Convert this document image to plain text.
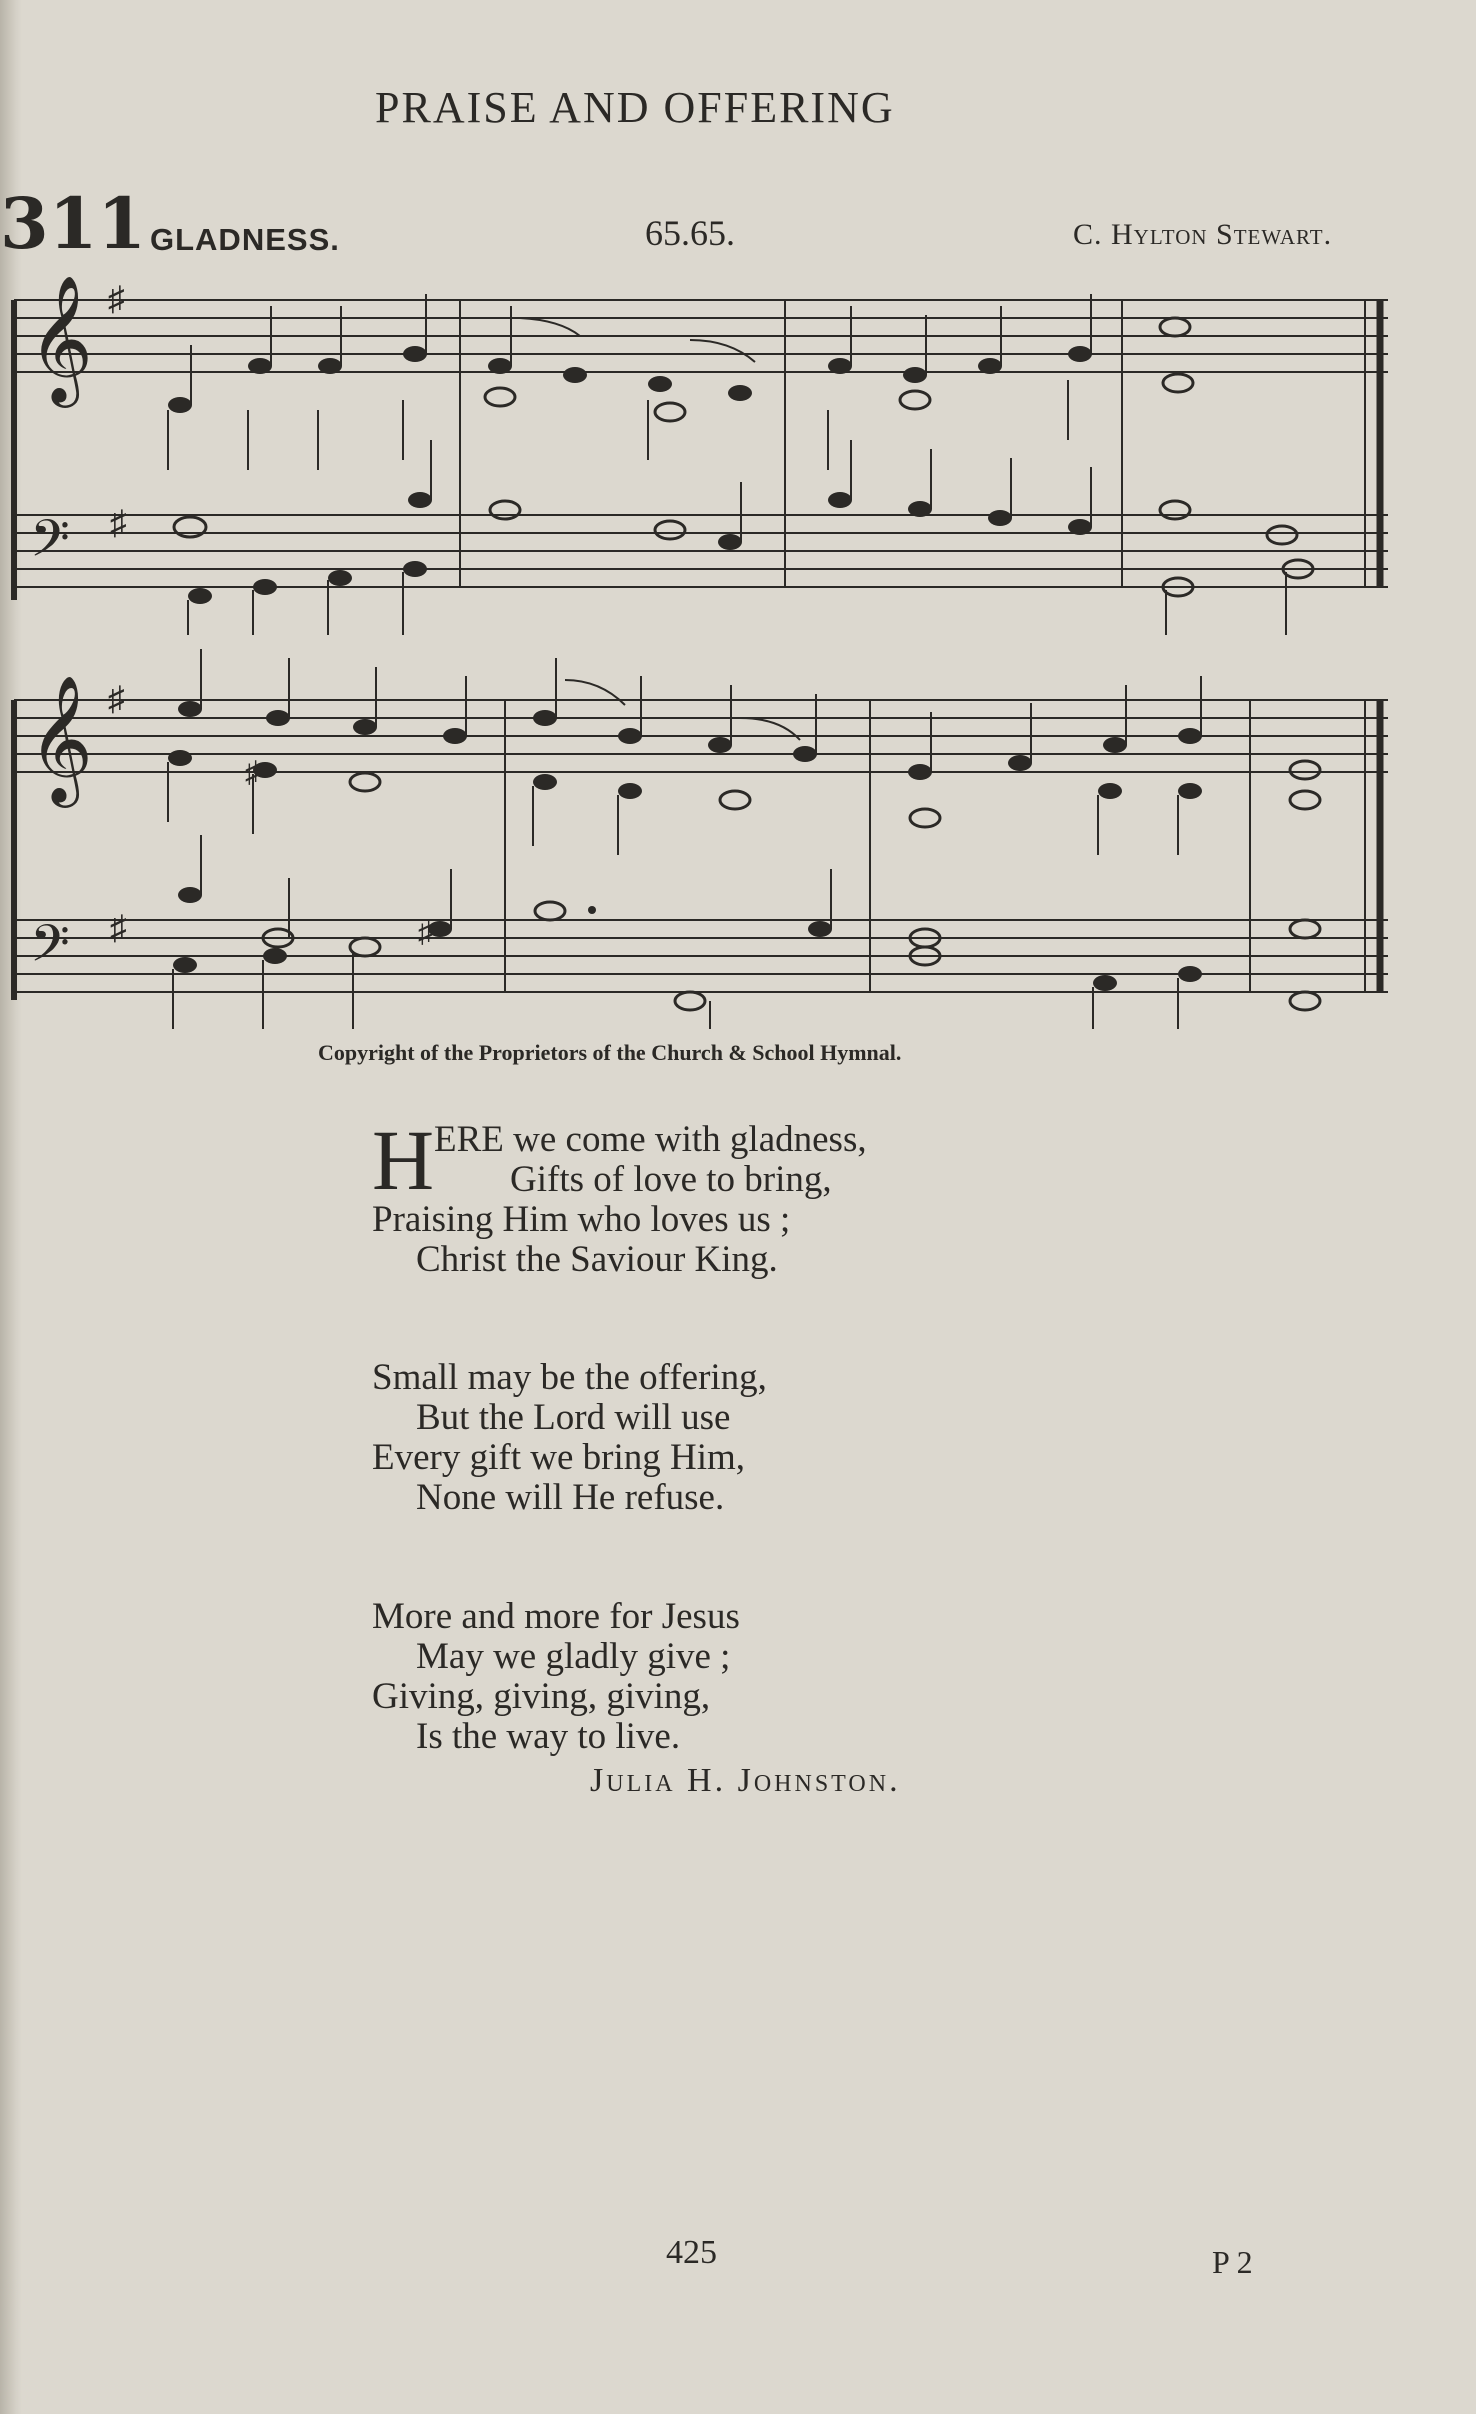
PRAISE AND OFFERING
311 GLADNESS.	65.65.	C. Hylton Stewart.
𝄞
𝄢
♯
♯
𝄞
𝄢
♯
♯
♯
♯
Copyright of the Proprietors of the Church & School Hymnal.
H ERE we come with gladness,
Gifts of love to bring,
Praising Him who loves us ;
Christ the Saviour King.
Small may be the offering,
But the Lord will use
Every gift we bring Him,
None will He refuse.
More and more for Jesus
May we gladly give ;
Giving, giving, giving,
Is the way to live.
Julia H. Johnston.
425	P 2
